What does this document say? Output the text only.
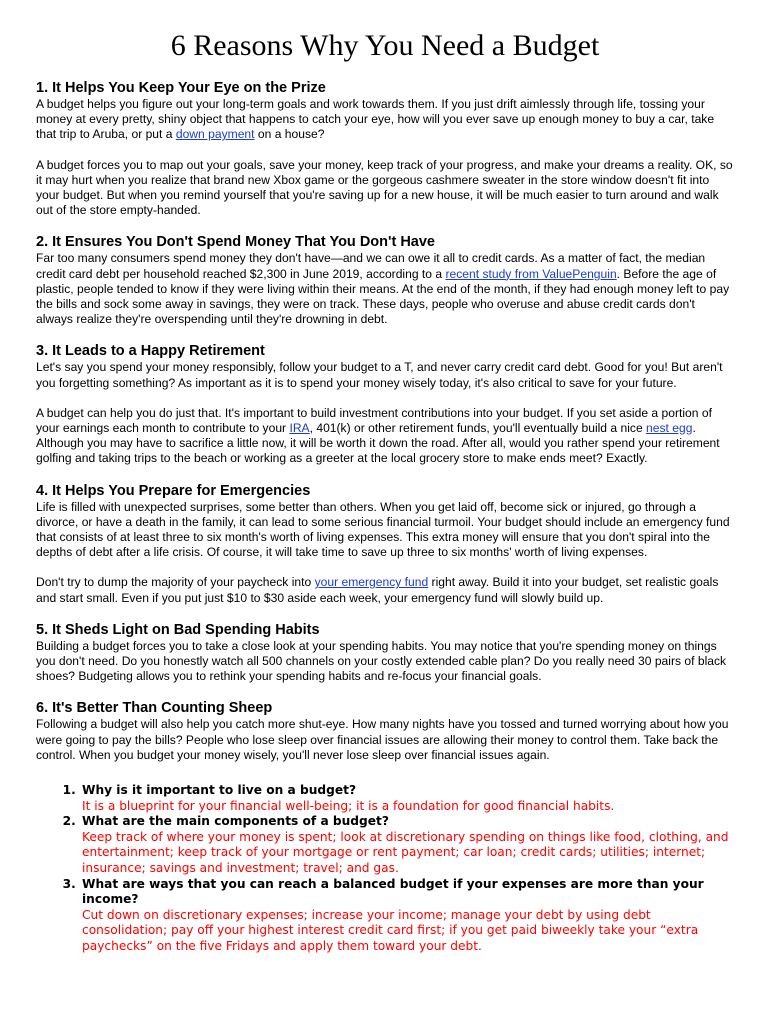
6 Reasons Why You Need a Budget
1. It Helps You Keep Your Eye on the Prize

A budget helps you figure out your long-term goals and work towards them. If you just drift aimlessly through life, tossing your money at every pretty, shiny object that happens to catch your eye, how will you ever save up enough money to buy a car, take that trip to Aruba, or put a down payment on a house?

A budget forces you to map out your goals, save your money, keep track of your progress, and make your dreams a reality. OK, so it may hurt when you realize that brand new Xbox game or the gorgeous cashmere sweater in the store window doesn't fit into your budget. But when you remind yourself that you're saving up for a new house, it will be much easier to turn around and walk out of the store empty-handed.

2. It Ensures You Don't Spend Money That You Don't Have

Far too many consumers spend money they don't have—and we can owe it all to credit cards. As a matter of fact, the median credit card debt per household reached $2,300 in June 2019, according to a recent study from ValuePenguin. Before the age of plastic, people tended to know if they were living within their means. At the end of the month, if they had enough money left to pay the bills and sock some away in savings, they were on track. These days, people who overuse and abuse credit cards don't always realize they're overspending until they're drowning in debt.

3. It Leads to a Happy Retirement

Let's say you spend your money responsibly, follow your budget to a T, and never carry credit card debt. Good for you! But aren't you forgetting something? As important as it is to spend your money wisely today, it's also critical to save for your future.

A budget can help you do just that. It's important to build investment contributions into your budget. If you set aside a portion of your earnings each month to contribute to your IRA, 401(k) or other retirement funds, you'll eventually build a nice nest egg. Although you may have to sacrifice a little now, it will be worth it down the road. After all, would you rather spend your retirement golfing and taking trips to the beach or working as a greeter at the local grocery store to make ends meet? Exactly.

4. It Helps You Prepare for Emergencies

Life is filled with unexpected surprises, some better than others. When you get laid off, become sick or injured, go through a divorce, or have a death in the family, it can lead to some serious financial turmoil. Your budget should include an emergency fund that consists of at least three to six month's worth of living expenses. This extra money will ensure that you don't spiral into the depths of debt after a life crisis. Of course, it will take time to save up three to six months' worth of living expenses.

Don't try to dump the majority of your paycheck into your emergency fund right away. Build it into your budget, set realistic goals and start small. Even if you put just $10 to $30 aside each week, your emergency fund will slowly build up.

5. It Sheds Light on Bad Spending Habits

Building a budget forces you to take a close look at your spending habits. You may notice that you're spending money on things you don't need. Do you honestly watch all 500 channels on your costly extended cable plan? Do you really need 30 pairs of black shoes? Budgeting allows you to rethink your spending habits and re-focus your financial goals.

6. It's Better Than Counting Sheep

Following a budget will also help you catch more shut-eye. How many nights have you tossed and turned worrying about how you were going to pay the bills? People who lose sleep over financial issues are allowing their money to control them. Take back the control. When you budget your money wisely, you'll never lose sleep over financial issues again.

1. Why is it important to live on a budget?
It is a blueprint for your financial well-being; it is a foundation for good financial habits.
2. What are the main components of a budget?
Keep track of where your money is spent; look at discretionary spending on things like food, clothing, and entertainment; keep track of your mortgage or rent payment; car loan; credit cards; utilities; internet; insurance; savings and investment; travel; and gas.
3. What are ways that you can reach a balanced budget if your expenses are more than your income?
Cut down on discretionary expenses; increase your income; manage your debt by using debt consolidation; pay off your highest interest credit card first; if you get paid biweekly take your “extra paychecks” on the five Fridays and apply them toward your debt.
